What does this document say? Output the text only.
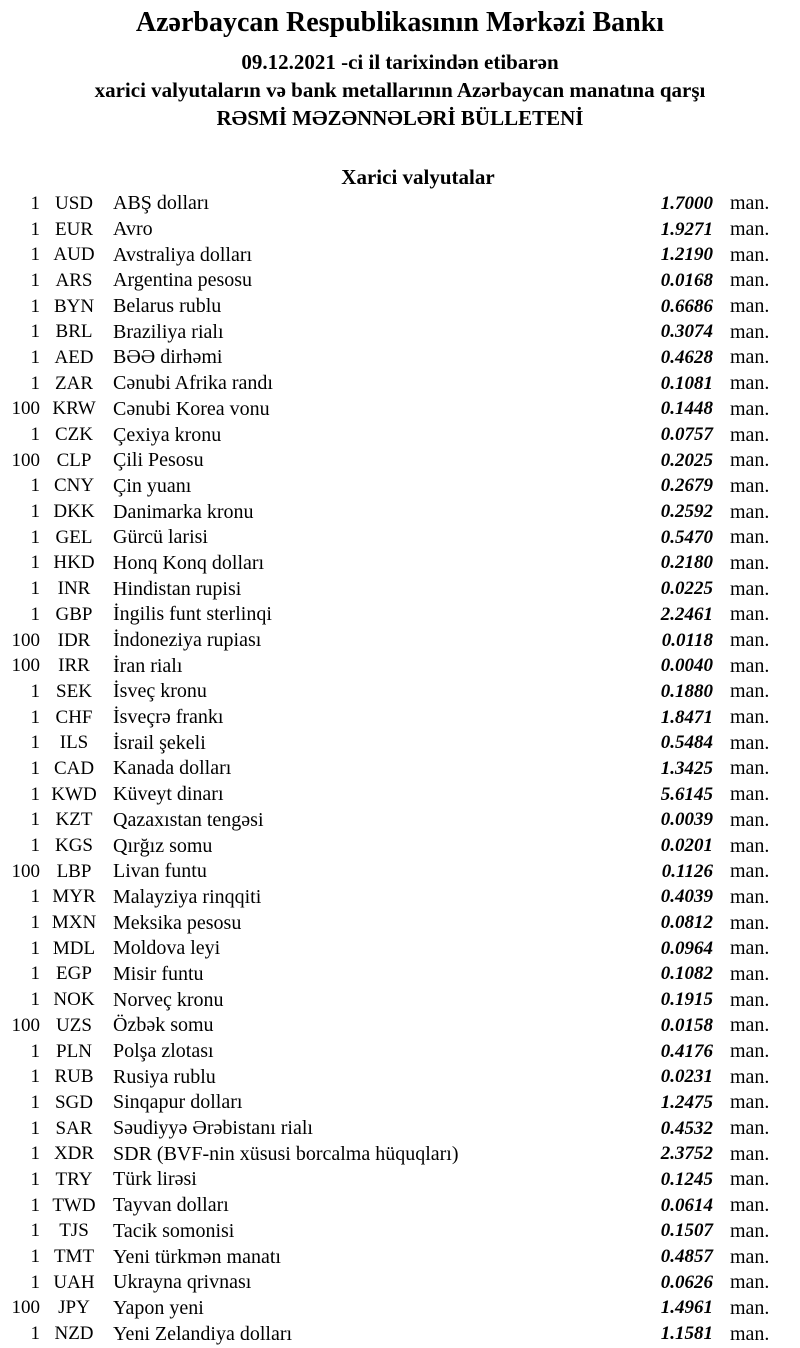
Azərbaycan Respublikasının Mərkəzi Bankı
09.12.2021 -ci il tarixindən etibarən
xarici valyutaların və bank metallarının Azərbaycan manatına qarşı
RƏSMİ MƏZƏNNƏLƏRİ BÜLLETENİ
Xarici valyutalar
1 USD	ABŞ dolları	1.7000 man.
1 EUR	Avro	1.9271 man.
1 AUD Avstraliya dolları	1.2190 man.
1 ARS	Argentina pesosu	0.0168 man.
1 BYN Belarus rublu	0.6686 man.
1 BRL	Braziliya rialı	0.3074 man.
1 AED BƏƏ dirhəmi	0.4628 man.
1 ZAR	Cənubi Afrika randı	0.1081 man.
100 KRW Cənubi Korea vonu	0.1448 man.
1 CZK	Çexiya kronu	0.0757 man.
100 CLP	Çili Pesosu	0.2025 man.
1 CNY Çin yuanı	0.2679 man.
1 DKK Danimarka kronu	0.2592 man.
1 GEL	Gürcü larisi	0.5470 man.
1 HKD Honq Konq dolları	0.2180 man.
1 INR	Hindistan rupisi	0.0225 man.
1 GBP	İngilis funt sterlinqi	2.2461 man.
100 IDR	İndoneziya rupiası	0.0118 man.
100 IRR	İran rialı	0.0040 man.
1 SEK	İsveç kronu	0.1880 man.
1 CHF	İsveçrə frankı	1.8471 man.
1	ILS	İsrail şekeli	0.5484 man.
1 CAD Kanada dolları	1.3425 man.
1 KWD Küveyt dinarı	5.6145 man.
1 KZT	Qazaxıstan tengəsi	0.0039 man.
1 KGS	Qırğız somu	0.0201 man.
100 LBP	Livan funtu	0.1126 man.
1 MYR Malayziya rinqqiti	0.4039 man.
1 MXN Meksika pesosu	0.0812 man.
1 MDL Moldova leyi	0.0964 man.
1 EGP	Misir funtu	0.1082 man.
1 NOK Norveç kronu	0.1915 man.
100 UZS	Özbək somu	0.0158 man.
1 PLN	Polşa zlotası	0.4176 man.
1 RUB Rusiya rublu	0.0231 man.
1 SGD	Sinqapur dolları	1.2475 man.
1 SAR	Səudiyyə Ərəbistanı rialı	0.4532 man.
1 XDR SDR (BVF-nin xüsusi borcalma hüquqları)	2.3752 man.
1 TRY	Türk lirəsi	0.1245 man.
1 TWD Tayvan dolları	0.0614 man.
1	TJS	Tacik somonisi	0.1507 man.
1 TMT Yeni türkmən manatı	0.4857 man.
1 UAH Ukrayna qrivnası	0.0626 man.
100 JPY	Yapon yeni	1.4961 man.
1 NZD Yeni Zelandiya dolları	1.1581 man.
